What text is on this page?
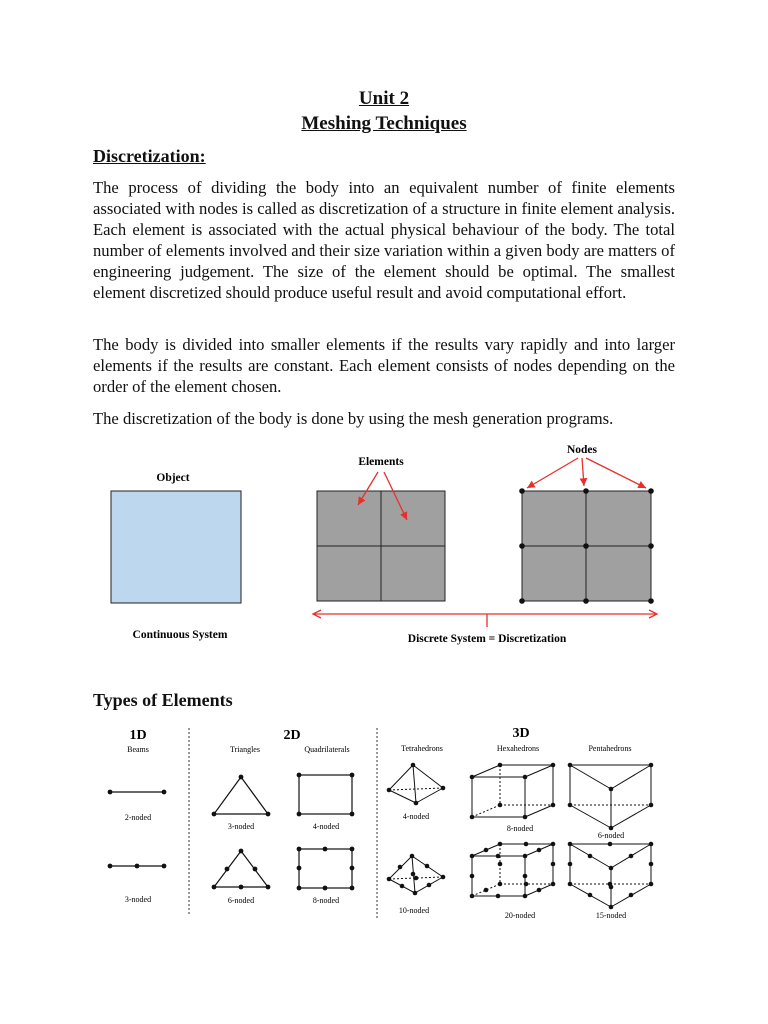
Unit 2
Meshing Techniques
Discretization:
The process of dividing the body into an equivalent number of finite elements associated with nodes is called as discretization of a structure in finite element analysis. Each element is associated with the actual physical behaviour of the body. The total number of elements involved and their size variation within a given body are matters of engineering judgement. The size of the element should be optimal. The smallest element discretized should produce useful result and avoid computational effort.
The body is divided into smaller elements if the results vary rapidly and into larger elements if the results are constant. Each element consists of nodes depending on the order of the element chosen.
The discretization of the body is done by using the mesh generation programs.
Object
Continuous System
Elements
Nodes
Discrete System = Discretization
Types of Elements
1D	2D	3D
Beams	Triangles	Quadrilaterals	Tetrahedrons	Hexahedrons	Pentahedrons
2-noded
3-noded
3-noded
6-noded
4-noded
8-noded
4-noded
10-noded
8-noded
20-noded
6-noded
15-noded
